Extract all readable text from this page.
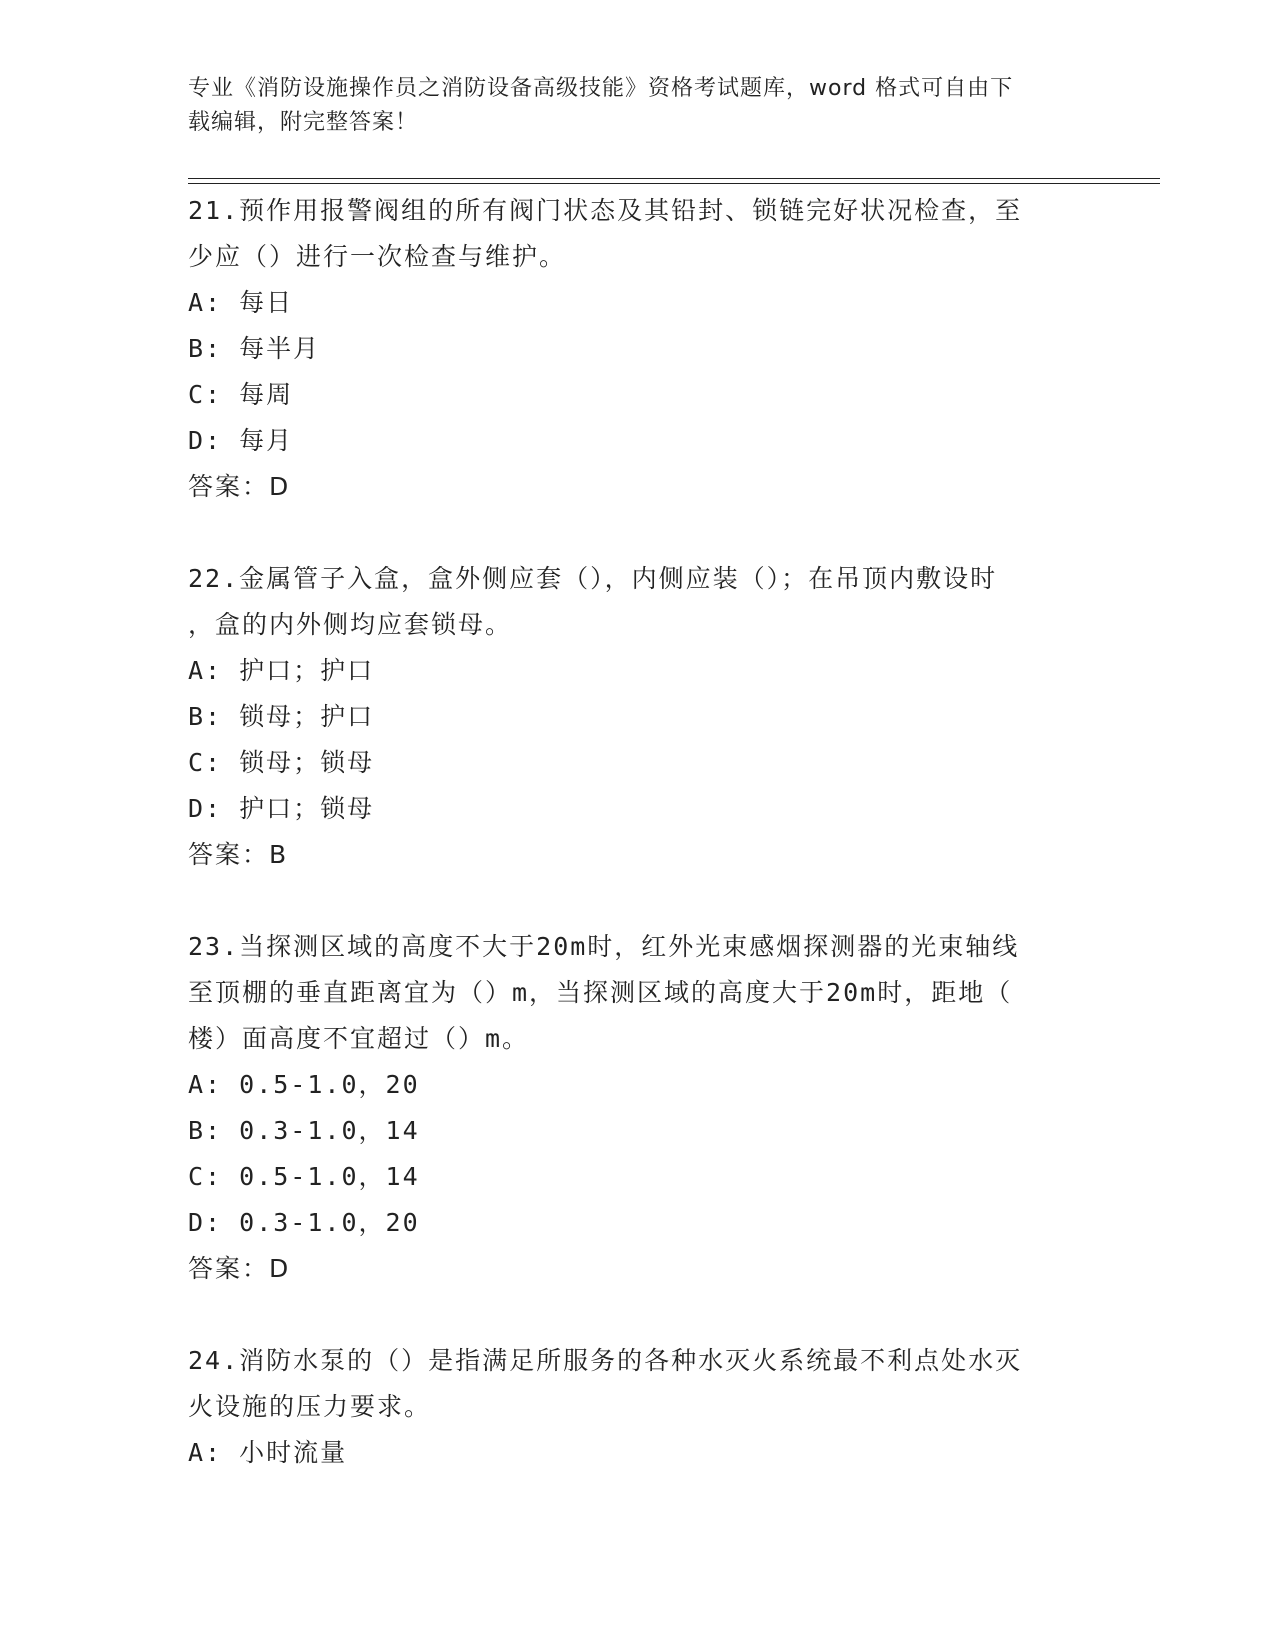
专业《消防设施操作员之消防设备高级技能》资格考试题库，word 格式可自由下
载编辑，附完整答案！
21.预作用报警阀组的所有阀门状态及其铅封、锁链完好状况检查，至
少应（）进行一次检查与维护。
A: 每日
B: 每半月
C: 每周
D: 每月
答案：D
22.金属管子入盒，盒外侧应套（），内侧应装（）；在吊顶内敷设时
，盒的内外侧均应套锁母。
A: 护口；护口
B: 锁母；护口
C: 锁母；锁母
D: 护口；锁母
答案：B
23.当探测区域的高度不大于20m时，红外光束感烟探测器的光束轴线
至顶棚的垂直距离宜为（）m，当探测区域的高度大于20m时，距地（
楼）面高度不宜超过（）m。
A: 0.5-1.0，20
B: 0.3-1.0，14
C: 0.5-1.0，14
D: 0.3-1.0，20
答案：D
24.消防水泵的（）是指满足所服务的各种水灭火系统最不利点处水灭
火设施的压力要求。
A: 小时流量
